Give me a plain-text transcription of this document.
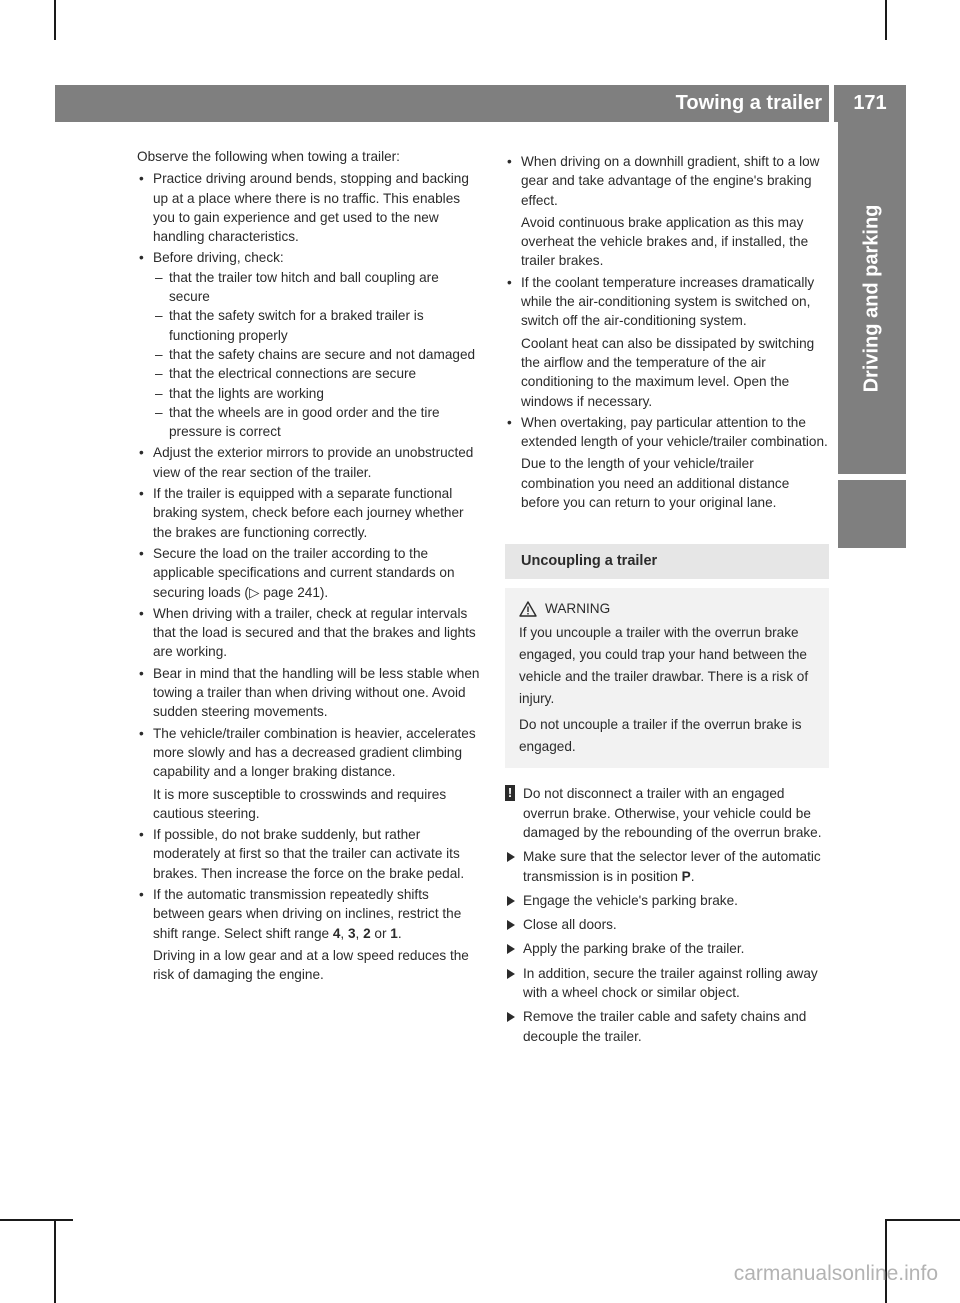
Towing a trailer	171
Driving and parking

Observe the following when towing a trailer:

• Practice driving around bends, stopping and backing up at a place where there is no traffic. This enables you to gain experience and get used to the new handling characteristics.

• Before driving, check:

– that the trailer tow hitch and ball coupling are secure
– that the safety switch for a braked trailer is functioning properly
– that the safety chains are secure and not damaged
– that the electrical connections are secure
– that the lights are working
– that the wheels are in good order and the tire pressure is correct

• Adjust the exterior mirrors to provide an unobstructed view of the rear section of the trailer.

• If the trailer is equipped with a separate functional braking system, check before each journey whether the brakes are functioning correctly.

• Secure the load on the trailer according to the applicable specifications and current standards on securing loads (▷ page 241).

• When driving with a trailer, check at regular intervals that the load is secured and that the brakes and lights are working.

• Bear in mind that the handling will be less stable when towing a trailer than when driving without one. Avoid sudden steering movements.

• The vehicle/trailer combination is heavier, accelerates more slowly and has a decreased gradient climbing capability and a longer braking distance.

It is more susceptible to crosswinds and requires cautious steering.

• If possible, do not brake suddenly, but rather moderately at first so that the trailer can activate its brakes. Then increase the force on the brake pedal.

• If the automatic transmission repeatedly shifts between gears when driving on inclines, restrict the shift range. Select shift range 4, 3, 2 or 1.

Driving in a low gear and at a low speed reduces the risk of damaging the engine.

• When driving on a downhill gradient, shift to a low gear and take advantage of the engine's braking effect.

Avoid continuous brake application as this may overheat the vehicle brakes and, if installed, the trailer brakes.

• If the coolant temperature increases dramatically while the air-conditioning system is switched on, switch off the air-conditioning system.

Coolant heat can also be dissipated by switching the airflow and the temperature of the air conditioning to the maximum level. Open the windows if necessary.

• When overtaking, pay particular attention to the extended length of your vehicle/trailer combination.

Due to the length of your vehicle/trailer combination you need an additional distance before you can return to your original lane.

Uncoupling a trailer
WARNING

If you uncouple a trailer with the overrun brake engaged, you could trap your hand between the vehicle and the trailer drawbar. There is a risk of injury.

Do not uncouple a trailer if the overrun brake is engaged.

! Do not disconnect a trailer with an engaged overrun brake. Otherwise, your vehicle could be damaged by the rebounding of the overrun brake.
Make sure that the selector lever of the automatic transmission is in position P.
Engage the vehicle's parking brake.
Close all doors.
Apply the parking brake of the trailer.
In addition, secure the trailer against rolling away with a wheel chock or similar object.
Remove the trailer cable and safety chains and decouple the trailer.
carmanualsonline.info
